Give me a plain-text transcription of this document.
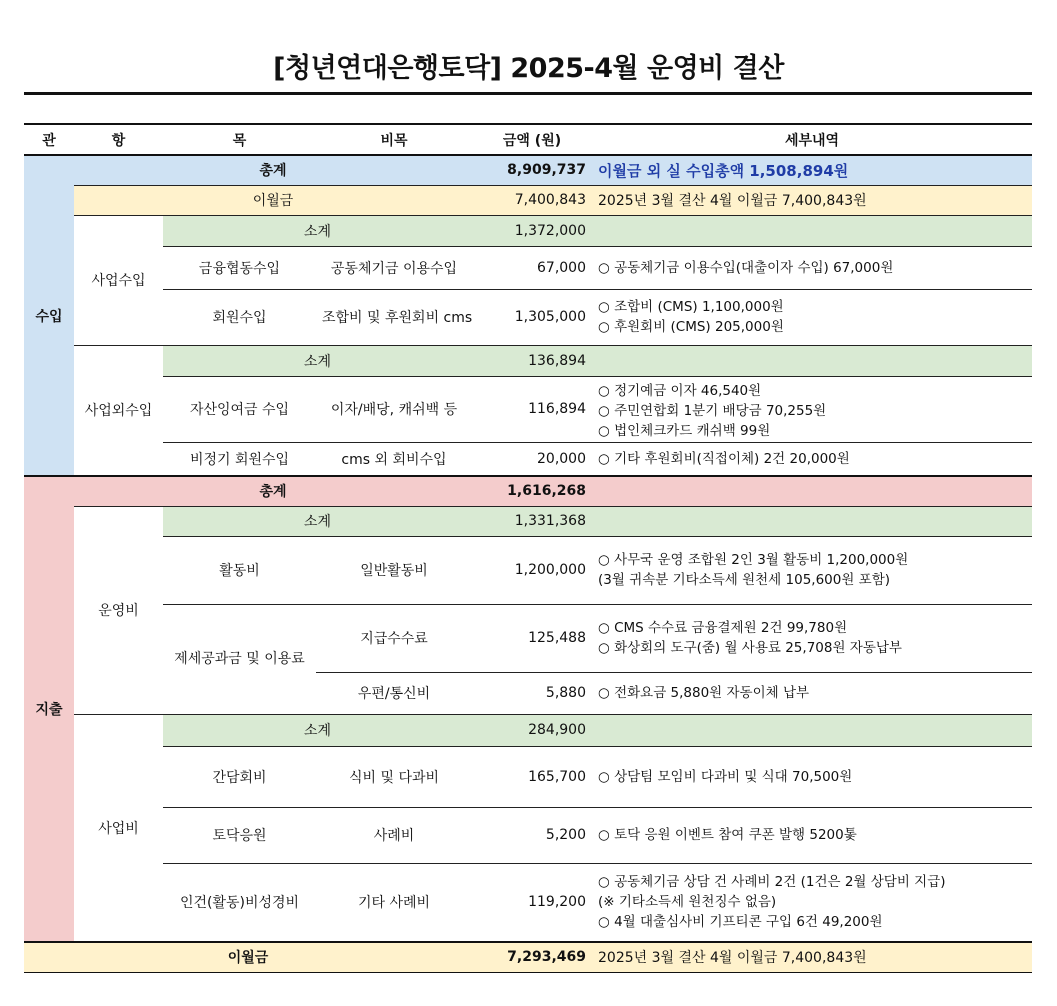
[청년연대은행토닥] 2025-4월 운영비 결산
관	항	목	비목	금액 (원)	세부내역
수입	총계			8,909,737	이월금 외 실 수입총액 1,508,894원
	이월금			7,400,843	2025년 3월 결산 4월 이월금 7,400,843원
	사업수입	소계		1,372,000	
		금융협동수입	공동체기금 이용수입	67,000	○ 공동체기금 이용수입(대출이자 수입) 67,000원

		회원수입	조합비 및 후원회비 cms	1,305,000	○ 조합비 (CMS) 1,100,000원
○ 후원회비 (CMS) 205,000원

	사업외수입	소계		136,894	
		자산잉여금 수입	이자/배당, 캐쉬백 등	116,894	○ 정기예금 이자 46,540원
○ 주민연합회 1분기 배당금 70,255원
○ 법인체크카드 캐쉬백 99원

		비정기 회원수입	cms 외 회비수입	20,000	○ 기타 후원회비(직접이체) 2건 20,000원

지출	총계			1,616,268	
	운영비	소계		1,331,368	
		활동비	일반활동비	1,200,000	○ 사무국 운영 조합원 2인 3월 활동비 1,200,000원
(3월 귀속분 기타소득세 원천세 105,600원 포함)

		제세공과금 및 이용료	지급수수료	125,488	○ CMS 수수료 금융결제원 2건 99,780원
○ 화상회의 도구(줌) 월 사용료 25,708원 자동납부

			우편/통신비	5,880	○ 전화요금 5,880원 자동이체 납부

	사업비	소계		284,900	
		간담회비	식비 및 다과비	165,700	○ 상담팀 모임비 다과비 및 식대 70,500원

		토닥응원	사례비	5,200	○ 토닥 응원 이벤트 참여 쿠폰 발행 5200톷

		인건(활동)비성경비	기타 사례비	119,200	○ 공동체기금 상담 건 사례비 2건 (1건은 2월 상담비 지급)
(※ 기타소득세 원천징수 없음)
○ 4월 대출심사비 기프티콘 구입 6건 49,200원

이월금				7,293,469	2025년 3월 결산 4월 이월금 7,400,843원
